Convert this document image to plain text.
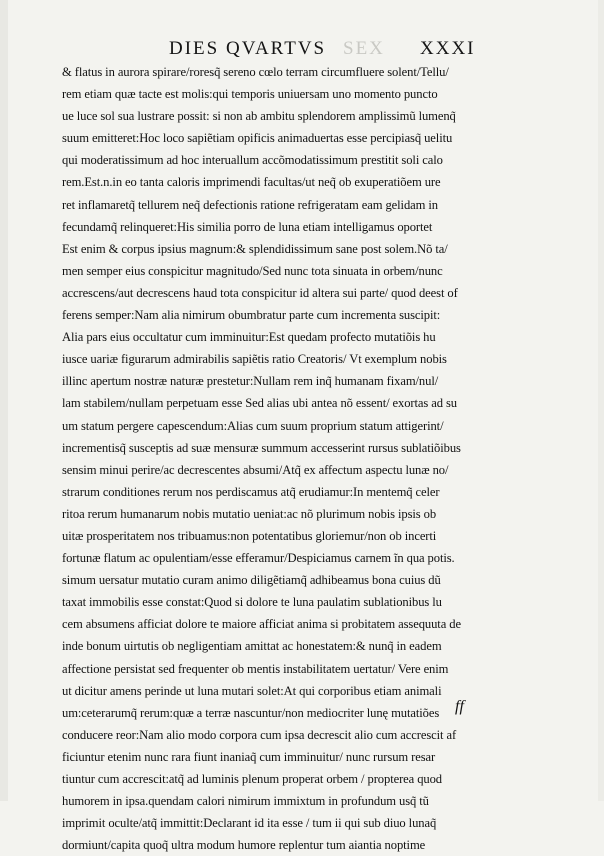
DIES QVARTVS SEX XXXI
& flatus in aurora spirare/roresq̃ sereno cœlo terram circumfluere solent/Tellu/
rem etiam quæ tacte est molis:qui temporis uniuersam uno momento puncto
ue luce sol sua lustrare possit: si non ab ambitu splendorem amplissimũ lumenq̃
suum emitteret:Hoc loco sapiẽtiam opificis animaduertas esse percipiasq̃ uelitu
qui moderatissimum ad hoc interuallum accõmodatissimum prestitit soli calo
rem.Est.n.in eo tanta caloris imprimendi facultas/ut neq̃ ob exuperatiõem ure
ret inflamaretq̃ tellurem neq̃ defectionis ratione refrigeratam eam gelidam in
fecundamq̃ relinqueret:His similia porro de luna etiam intelligamus oportet
Est enim & corpus ipsius magnum:& splendidissimum sane post solem.Nõ ta/
men semper eius conspicitur magnitudo/Sed nunc tota sinuata in orbem/nunc
accrescens/aut decrescens haud tota conspicitur id altera sui parte/ quod deest of
ferens semper:Nam alia nimirum obumbratur parte cum incrementa suscipit:
Alia pars eius occultatur cum imminuitur:Est quedam profecto mutatiõis hu
iusce uariæ figurarum admirabilis sapiẽtis ratio Creatoris/ Vt exemplum nobis
illinc apertum nostræ naturæ prestetur:Nullam rem inq̃ humanam fixam/nul/
lam stabilem/nullam perpetuam esse Sed alias ubi antea nõ essent/ exortas ad su
um statum pergere capescendum:Alias cum suum proprium statum attigerint/
incrementisq̃ susceptis ad suæ mensuræ summum accesserint rursus sublatiõibus
sensim minui perire/ac decrescentes absumi/Atq̃ ex affectum aspectu lunæ no/
strarum conditiones rerum nos perdiscamus atq̃ erudiamur:In mentemq̃ celer
ritoa rerum humanarum nobis mutatio ueniat:ac nõ plurimum nobis ipsis ob
uitæ prosperitatem nos tribuamus:non potentatibus gloriemur/non ob incerti
fortunæ flatum ac opulentiam/esse efferamur/Despiciamus carnem ĩn qua potis.
simum uersatur mutatio curam animo diligẽtiamq̃ adhibeamus bona cuius dũ
taxat immobilis esse constat:Quod si dolore te luna paulatim sublationibus lu
cem absumens afficiat dolore te maiore afficiat anima si probitatem assequuta de
inde bonum uirtutis ob negligentiam amittat ac honestatem:& nunq̃ in eadem
affectione persistat sed frequenter ob mentis instabilitatem uertatur/ Vere enim
ut dicitur amens perinde ut luna mutari solet:At qui corporibus etiam animali
um:ceterarumq̃ rerum:quæ a terræ nascuntur/non mediocriter lunę mutatiões
conducere reor:Nam alio modo corpora cum ipsa decrescit alio cum accrescit af
ficiuntur etenim nunc rara fiunt inaniaq̃ cum imminuitur/ nunc rursum resar
tiuntur cum accrescit:atq̃ ad luminis plenum properat orbem / propterea quod
humorem in ipsa.quendam calori nimirum immixtum in profundum usq̃ tũ
imprimit oculte/atq̃ immittit:Declarant id ita esse / tum ii qui sub diuo lunaq̃
dormiunt/capita quoq̃ ultra modum humore replentur tum aiantia noptime
ff
